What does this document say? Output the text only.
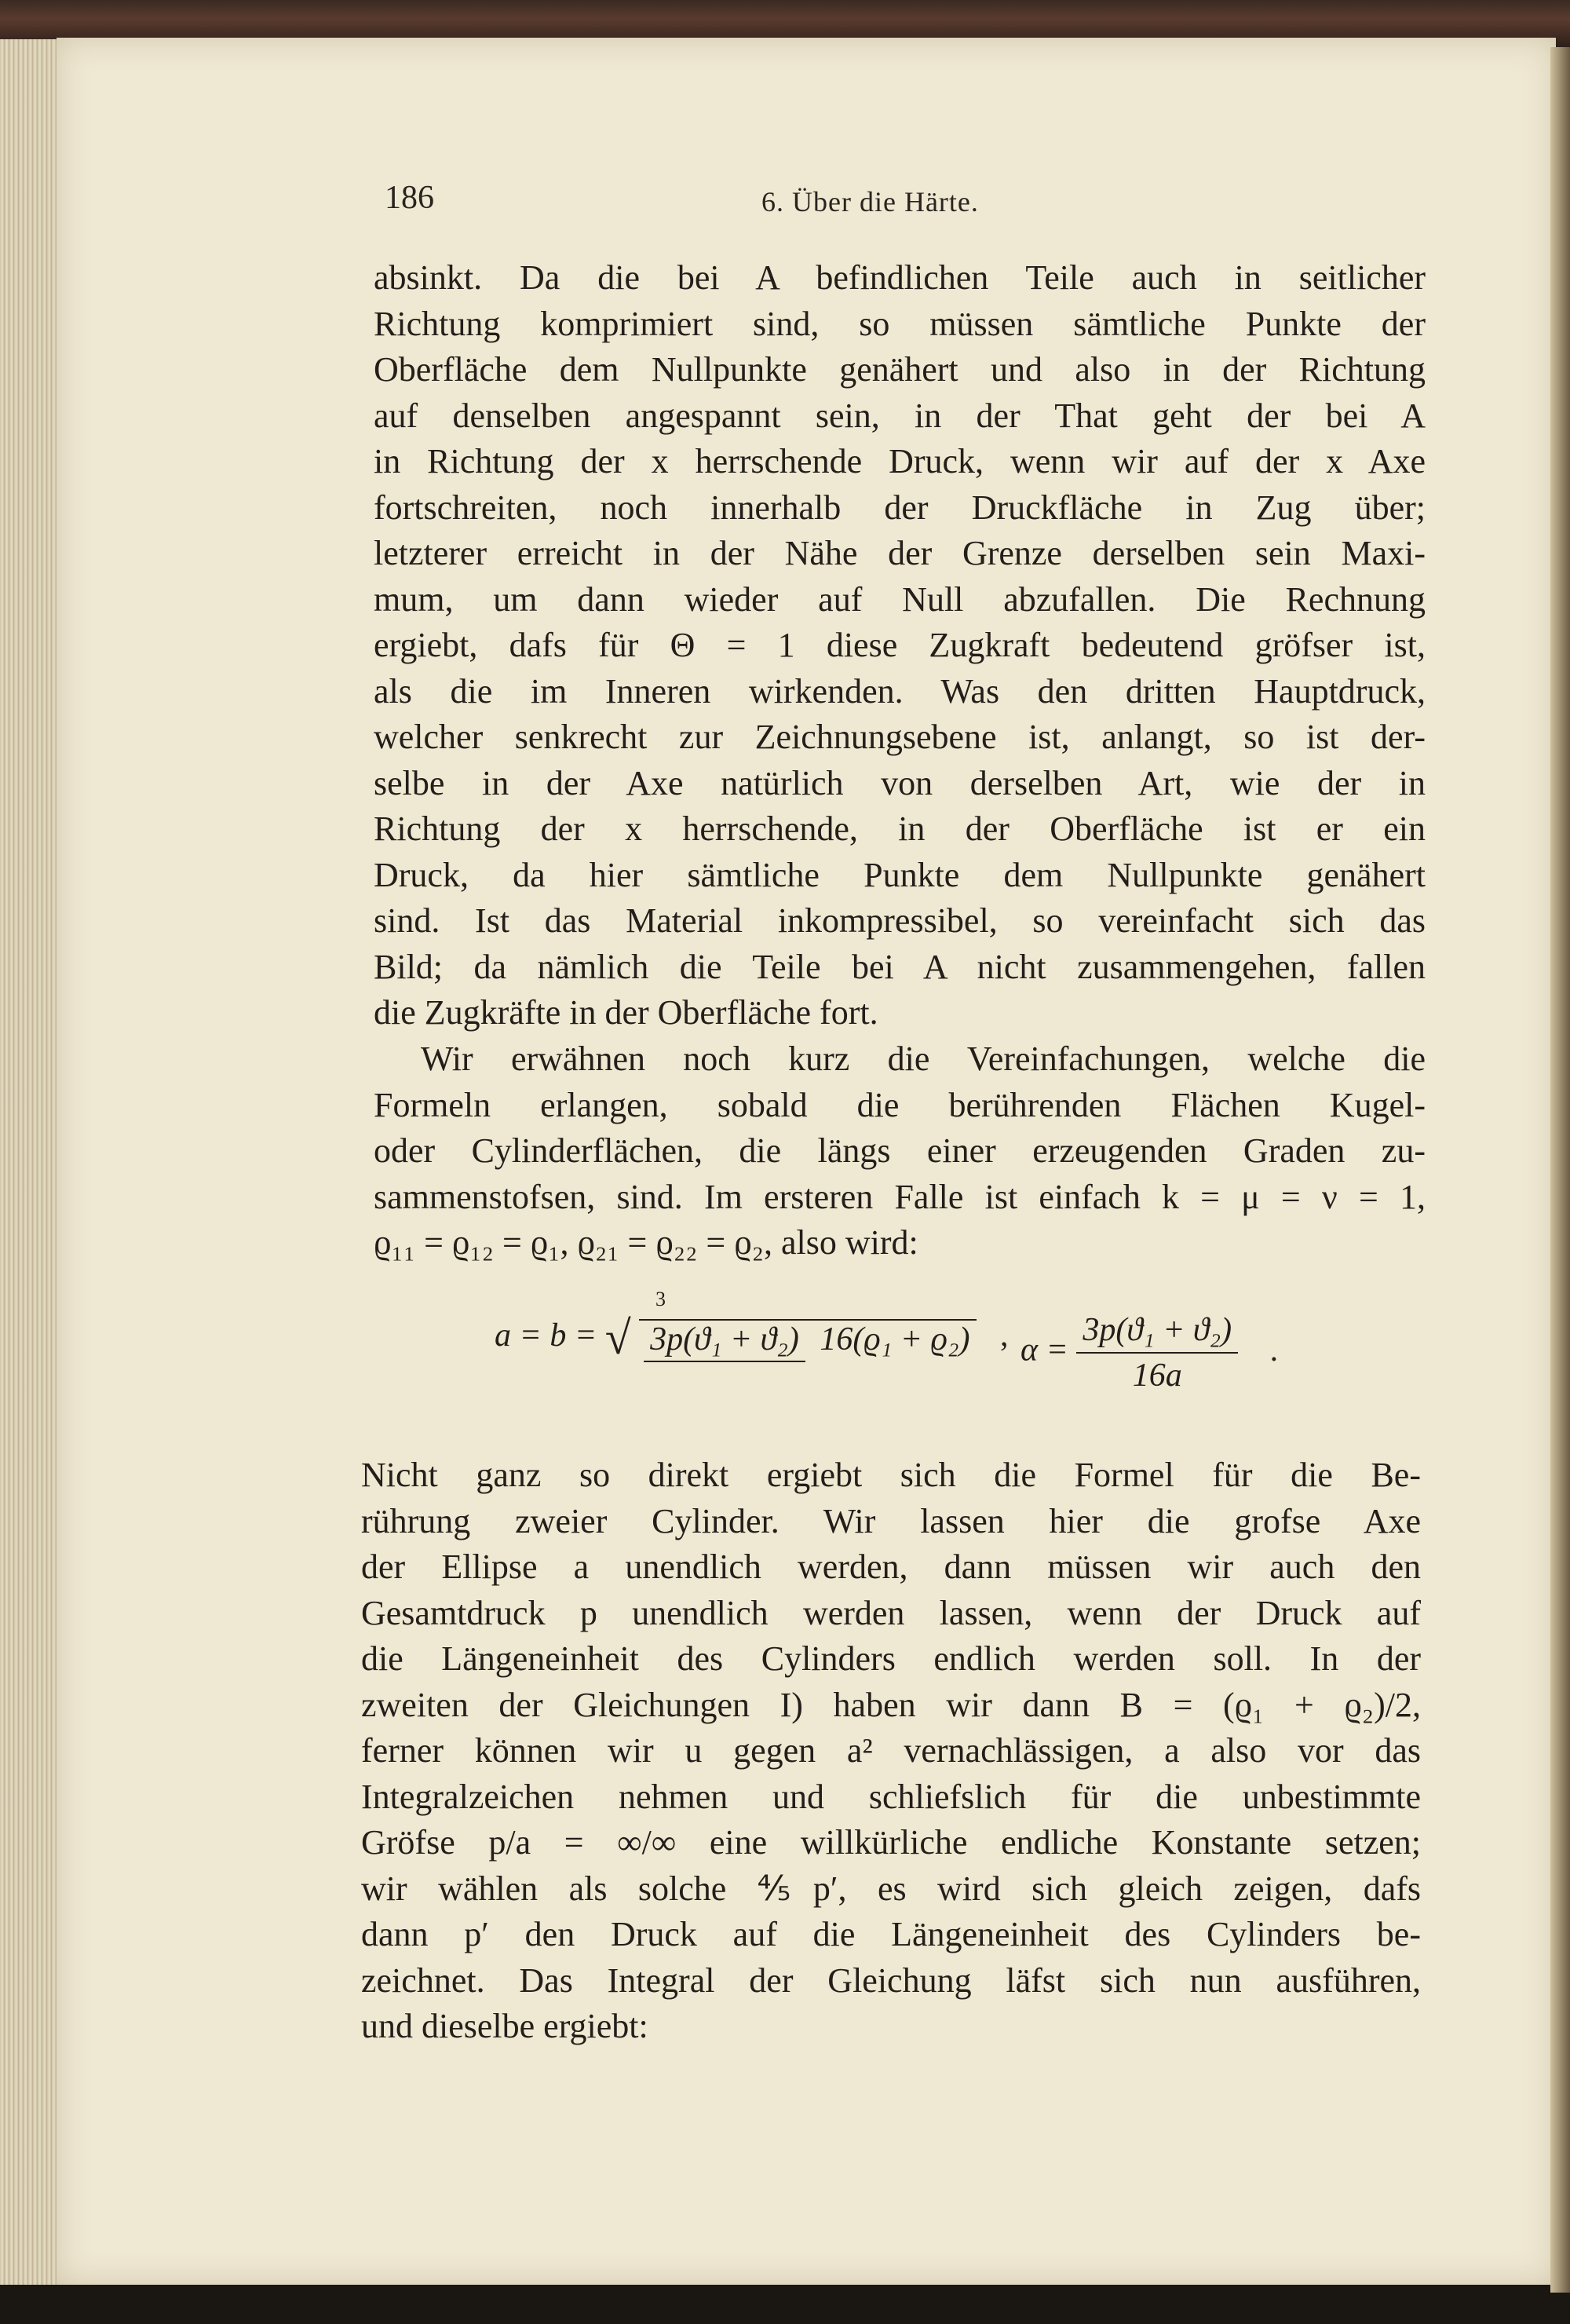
186	6. Über die Härte.
absinkt. Da die bei A befindlichen Teile auch in seitlicher
Richtung komprimiert sind, so müssen sämtliche Punkte der
Oberfläche dem Nullpunkte genähert und also in der Richtung
auf denselben angespannt sein, in der That geht der bei A
in Richtung der x herrschende Druck, wenn wir auf der x Axe
fortschreiten, noch innerhalb der Druckfläche in Zug über;
letzterer erreicht in der Nähe der Grenze derselben sein Maxi-
mum, um dann wieder auf Null abzufallen. Die Rechnung
ergiebt, dafs für Θ = 1 diese Zugkraft bedeutend gröfser ist,
als die im Inneren wirkenden. Was den dritten Hauptdruck,
welcher senkrecht zur Zeichnungsebene ist, anlangt, so ist der-
selbe in der Axe natürlich von derselben Art, wie der in
Richtung der x herrschende, in der Oberfläche ist er ein
Druck, da hier sämtliche Punkte dem Nullpunkte genähert
sind. Ist das Material inkompressibel, so vereinfacht sich das
Bild; da nämlich die Teile bei A nicht zusammengehen, fallen
die Zugkräfte in der Oberfläche fort.
Wir erwähnen noch kurz die Vereinfachungen, welche die
Formeln erlangen, sobald die berührenden Flächen Kugel-
oder Cylinderflächen, die längs einer erzeugenden Graden zu-
sammenstofsen, sind. Im ersteren Falle ist einfach k = μ = ν = 1,
ϱ₁₁ = ϱ₁₂ = ϱ₁, ϱ₂₁ = ϱ₂₂ = ϱ₂, also wird:
3
a = b = √ 3p(ϑ₁ + ϑ₂) 16(ϱ₁ + ϱ₂) , $\alpha = \frac{\text{3p(ϑ₁ + ϑ₂)}}{16a}$ .
Nicht ganz so direkt ergiebt sich die Formel für die Be-
rührung zweier Cylinder. Wir lassen hier die grofse Axe
der Ellipse a unendlich werden, dann müssen wir auch den
Gesamtdruck p unendlich werden lassen, wenn der Druck auf
die Längeneinheit des Cylinders endlich werden soll. In der
zweiten der Gleichungen I) haben wir dann B = (ϱ₁ + ϱ₂)/2,
ferner können wir u gegen a² vernachlässigen, a also vor das
Integralzeichen nehmen und schliefslich für die unbestimmte
Gröfse p/a = ∞/∞ eine willkürliche endliche Konstante setzen;
wir wählen als solche ⅘p′, es wird sich gleich zeigen, dafs
dann p′ den Druck auf die Längeneinheit des Cylinders be-
zeichnet. Das Integral der Gleichung läfst sich nun ausführen,
und dieselbe ergiebt:
